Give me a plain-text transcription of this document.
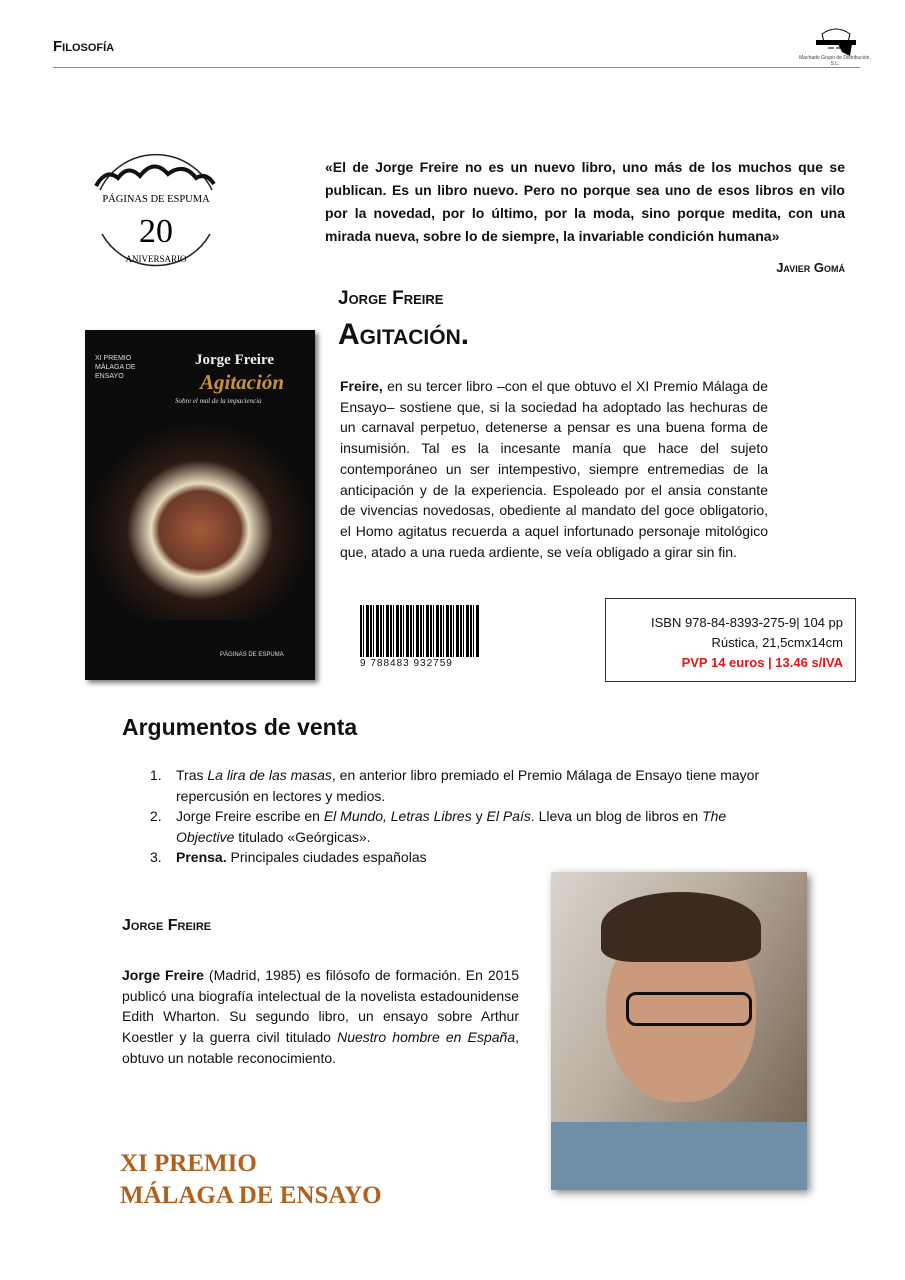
Filosofía
Machado Grupo de Distribución, S.L.
PÁGINAS DE ESPUMA
20
ANIVERSARIO
«El de Jorge Freire no es un nuevo libro, uno más de los muchos que se publican. Es un libro nuevo. Pero no porque sea uno de esos libros en vilo por la novedad, por lo último, por la moda, sino porque medita, con una mirada nueva, sobre lo de siempre, la invariable condición humana»
Javier Gomá
Jorge Freire
Agitación.
XI PREMIO MÁLAGA DE ENSAYO
Jorge Freire
Agitación
Sobre el mal de la impaciencia
PÁGINAS DE ESPUMA
Freire, en su tercer libro –con el que obtuvo el XI Premio Málaga de Ensayo– sostiene que, si la sociedad ha adoptado las hechuras de un carnaval perpetuo, detenerse a pensar es una buena forma de insumisión. Tal es la incesante manía que hace del sujeto contemporáneo un ser intempestivo, siempre entremedias de la anticipación y de la experiencia. Espoleado por el ansia constante de vivencias novedosas, obediente al mandato del goce obligatorio, el Homo agitatus recuerda a aquel infortunado personaje mitológico que, atado a una rueda ardiente, se veía obligado a girar sin fin.
9 788483 932759
ISBN 978-84-8393-275-9| 104 pp
Rústica, 21,5cmx14cm
PVP 14 euros | 13.46 s/IVA
Argumentos de venta
1. Tras La lira de las masas, en anterior libro premiado el Premio Málaga de Ensayo tiene mayor repercusión en lectores y medios.
2. Jorge Freire escribe en El Mundo, Letras Libres y El País. Lleva un blog de libros en The Objective titulado «Geórgicas».
3. Prensa. Principales ciudades españolas
Jorge Freire
Jorge Freire (Madrid, 1985) es filósofo de formación. En 2015 publicó una biografía intelectual de la novelista estadounidense Edith Wharton. Su segundo libro, un ensayo sobre Arthur Koestler y la guerra civil titulado Nuestro hombre en España, obtuvo un notable reconocimiento.
XI PREMIO
MÁLAGA DE ENSAYO
